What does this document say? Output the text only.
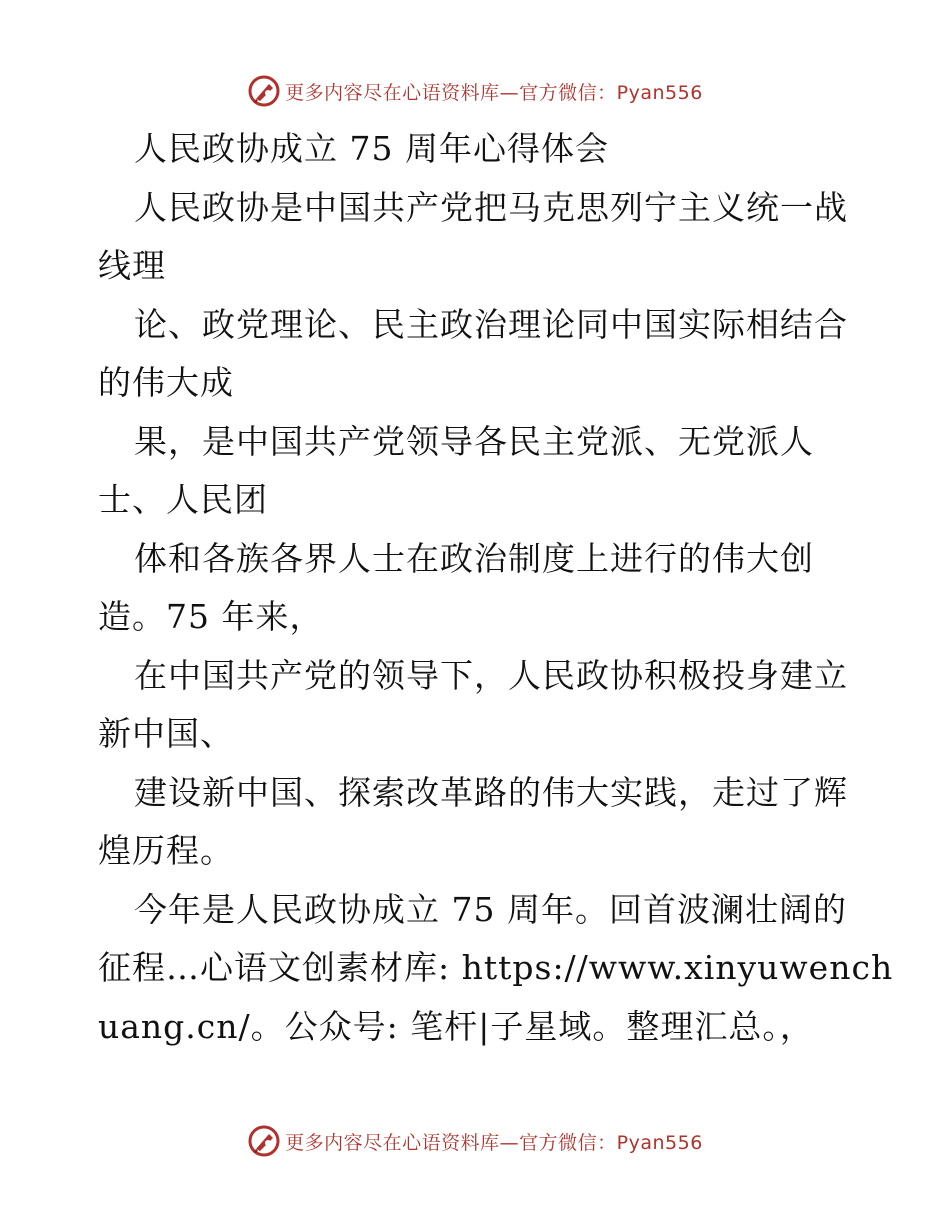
更多内容尽在心语资料库—官方微信：Pyan556
人民政协成立 75 周年心得体会
人民政协是中国共产党把马克思列宁主义统一战
线理
论、政党理论、民主政治理论同中国实际相结合
的伟大成
果，是中国共产党领导各民主党派、无党派人
士、人民团
体和各族各界人士在政治制度上进行的伟大创
造。75 年来，
在中国共产党的领导下，人民政协积极投身建立
新中国、
建设新中国、探索改革路的伟大实践，走过了辉
煌历程。
今年是人民政协成立 75 周年。回首波澜壮阔的
征程…心语文创素材库: https://www.xinyuwench
uang.cn/。公众号: 笔杆|子星域。整理汇总。，
更多内容尽在心语资料库—官方微信：Pyan556
